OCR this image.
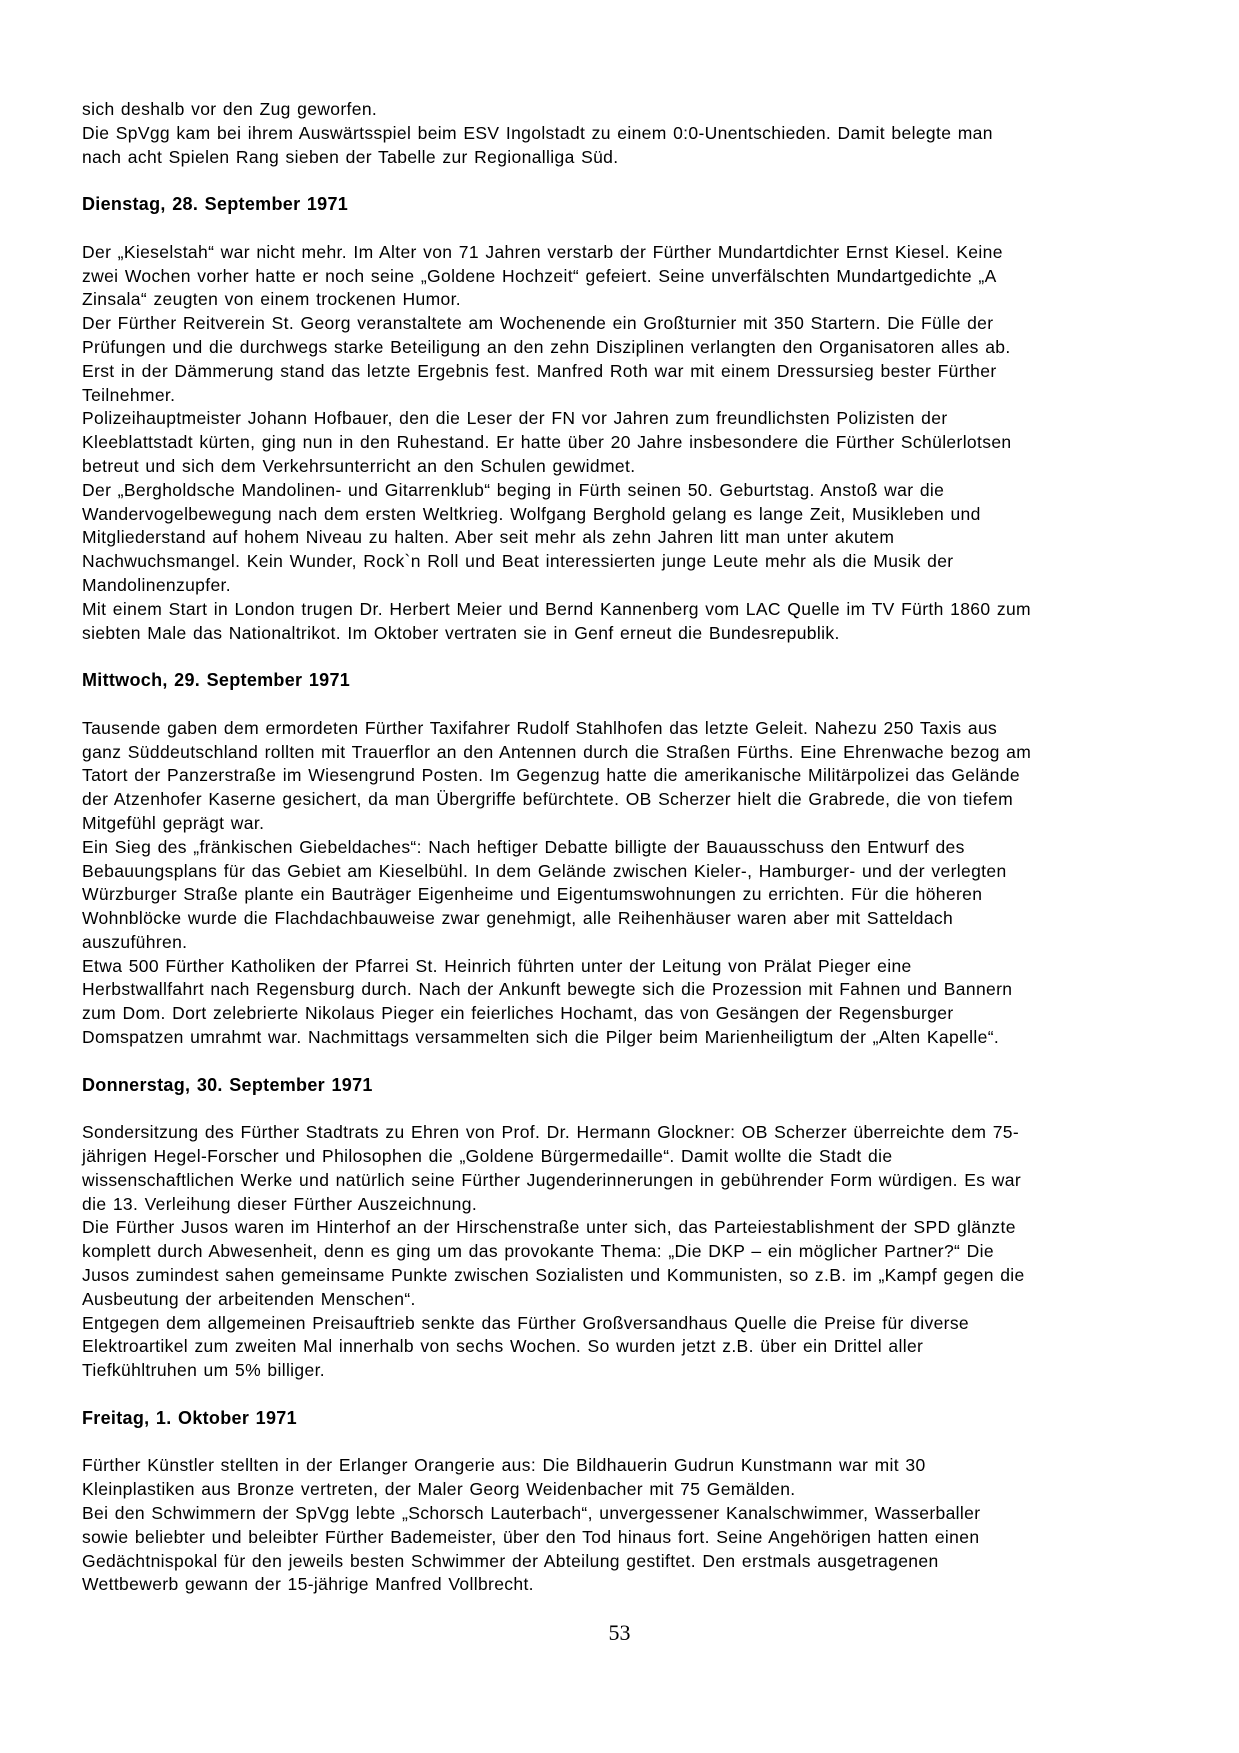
sich deshalb vor den Zug geworfen.
Die SpVgg kam bei ihrem Auswärtsspiel beim ESV Ingolstadt zu einem 0:0-Unentschieden. Damit belegte man
nach acht Spielen Rang sieben der Tabelle zur Regionalliga Süd.
Dienstag, 28. September 1971
Der „Kieselstah“ war nicht mehr. Im Alter von 71 Jahren verstarb der Fürther Mundartdichter Ernst Kiesel. Keine
zwei Wochen vorher hatte er noch seine „Goldene Hochzeit“ gefeiert. Seine unverfälschten Mundartgedichte „A
Zinsala“ zeugten von einem trockenen Humor.
Der Fürther Reitverein St. Georg veranstaltete am Wochenende ein Großturnier mit 350 Startern. Die Fülle der
Prüfungen und die durchwegs starke Beteiligung an den zehn Disziplinen verlangten den Organisatoren alles ab.
Erst in der Dämmerung stand das letzte Ergebnis fest. Manfred Roth war mit einem Dressursieg bester Fürther
Teilnehmer.
Polizeihauptmeister Johann Hofbauer, den die Leser der FN vor Jahren zum freundlichsten Polizisten der
Kleeblattstadt kürten, ging nun in den Ruhestand. Er hatte über 20 Jahre insbesondere die Fürther Schülerlotsen
betreut und sich dem Verkehrsunterricht an den Schulen gewidmet.
Der „Bergholdsche Mandolinen- und Gitarrenklub“ beging in Fürth seinen 50. Geburtstag. Anstoß war die
Wandervogelbewegung nach dem ersten Weltkrieg. Wolfgang Berghold gelang es lange Zeit, Musikleben und
Mitgliederstand auf hohem Niveau zu halten. Aber seit mehr als zehn Jahren litt man unter akutem
Nachwuchsmangel. Kein Wunder, Rock`n Roll und Beat interessierten junge Leute mehr als die Musik der
Mandolinenzupfer.
Mit einem Start in London trugen Dr. Herbert Meier und Bernd Kannenberg vom LAC Quelle im TV Fürth 1860 zum
siebten Male das Nationaltrikot. Im Oktober vertraten sie in Genf erneut die Bundesrepublik.
Mittwoch, 29. September 1971
Tausende gaben dem ermordeten Fürther Taxifahrer Rudolf Stahlhofen das letzte Geleit. Nahezu 250 Taxis aus
ganz Süddeutschland rollten mit Trauerflor an den Antennen durch die Straßen Fürths. Eine Ehrenwache bezog am
Tatort der Panzerstraße im Wiesengrund Posten. Im Gegenzug hatte die amerikanische Militärpolizei das Gelände
der Atzenhofer Kaserne gesichert, da man Übergriffe befürchtete. OB Scherzer hielt die Grabrede, die von tiefem
Mitgefühl geprägt war.
Ein Sieg des „fränkischen Giebeldaches“: Nach heftiger Debatte billigte der Bauausschuss den Entwurf des
Bebauungsplans für das Gebiet am Kieselbühl. In dem Gelände zwischen Kieler-, Hamburger- und der verlegten
Würzburger Straße plante ein Bauträger Eigenheime und Eigentumswohnungen zu errichten. Für die höheren
Wohnblöcke wurde die Flachdachbauweise zwar genehmigt, alle Reihenhäuser waren aber mit Satteldach
auszuführen.
Etwa 500 Fürther Katholiken der Pfarrei St. Heinrich führten unter der Leitung von Prälat Pieger eine
Herbstwallfahrt nach Regensburg durch. Nach der Ankunft bewegte sich die Prozession mit Fahnen und Bannern
zum Dom. Dort zelebrierte Nikolaus Pieger ein feierliches Hochamt, das von Gesängen der Regensburger
Domspatzen umrahmt war. Nachmittags versammelten sich die Pilger beim Marienheiligtum der „Alten Kapelle“.
Donnerstag, 30. September 1971
Sondersitzung des Fürther Stadtrats zu Ehren von Prof. Dr. Hermann Glockner: OB Scherzer überreichte dem 75-
jährigen Hegel-Forscher und Philosophen die „Goldene Bürgermedaille“. Damit wollte die Stadt die
wissenschaftlichen Werke und natürlich seine Fürther Jugenderinnerungen in gebührender Form würdigen. Es war
die 13. Verleihung dieser Fürther Auszeichnung.
Die Fürther Jusos waren im Hinterhof an der Hirschenstraße unter sich, das Parteiestablishment der SPD glänzte
komplett durch Abwesenheit, denn es ging um das provokante Thema: „Die DKP – ein möglicher Partner?“ Die
Jusos zumindest sahen gemeinsame Punkte zwischen Sozialisten und Kommunisten, so z.B. im „Kampf gegen die
Ausbeutung der arbeitenden Menschen“.
Entgegen dem allgemeinen Preisauftrieb senkte das Fürther Großversandhaus Quelle die Preise für diverse
Elektroartikel zum zweiten Mal innerhalb von sechs Wochen. So wurden jetzt z.B. über ein Drittel aller
Tiefkühltruhen um 5% billiger.
Freitag, 1. Oktober 1971
Fürther Künstler stellten in der Erlanger Orangerie aus: Die Bildhauerin Gudrun Kunstmann war mit 30
Kleinplastiken aus Bronze vertreten, der Maler Georg Weidenbacher mit 75 Gemälden.
Bei den Schwimmern der SpVgg lebte „Schorsch Lauterbach“, unvergessener Kanalschwimmer, Wasserballer
sowie beliebter und beleibter Fürther Bademeister, über den Tod hinaus fort. Seine Angehörigen hatten einen
Gedächtnispokal für den jeweils besten Schwimmer der Abteilung gestiftet. Den erstmals ausgetragenen
Wettbewerb gewann der 15-jährige Manfred Vollbrecht.
53
